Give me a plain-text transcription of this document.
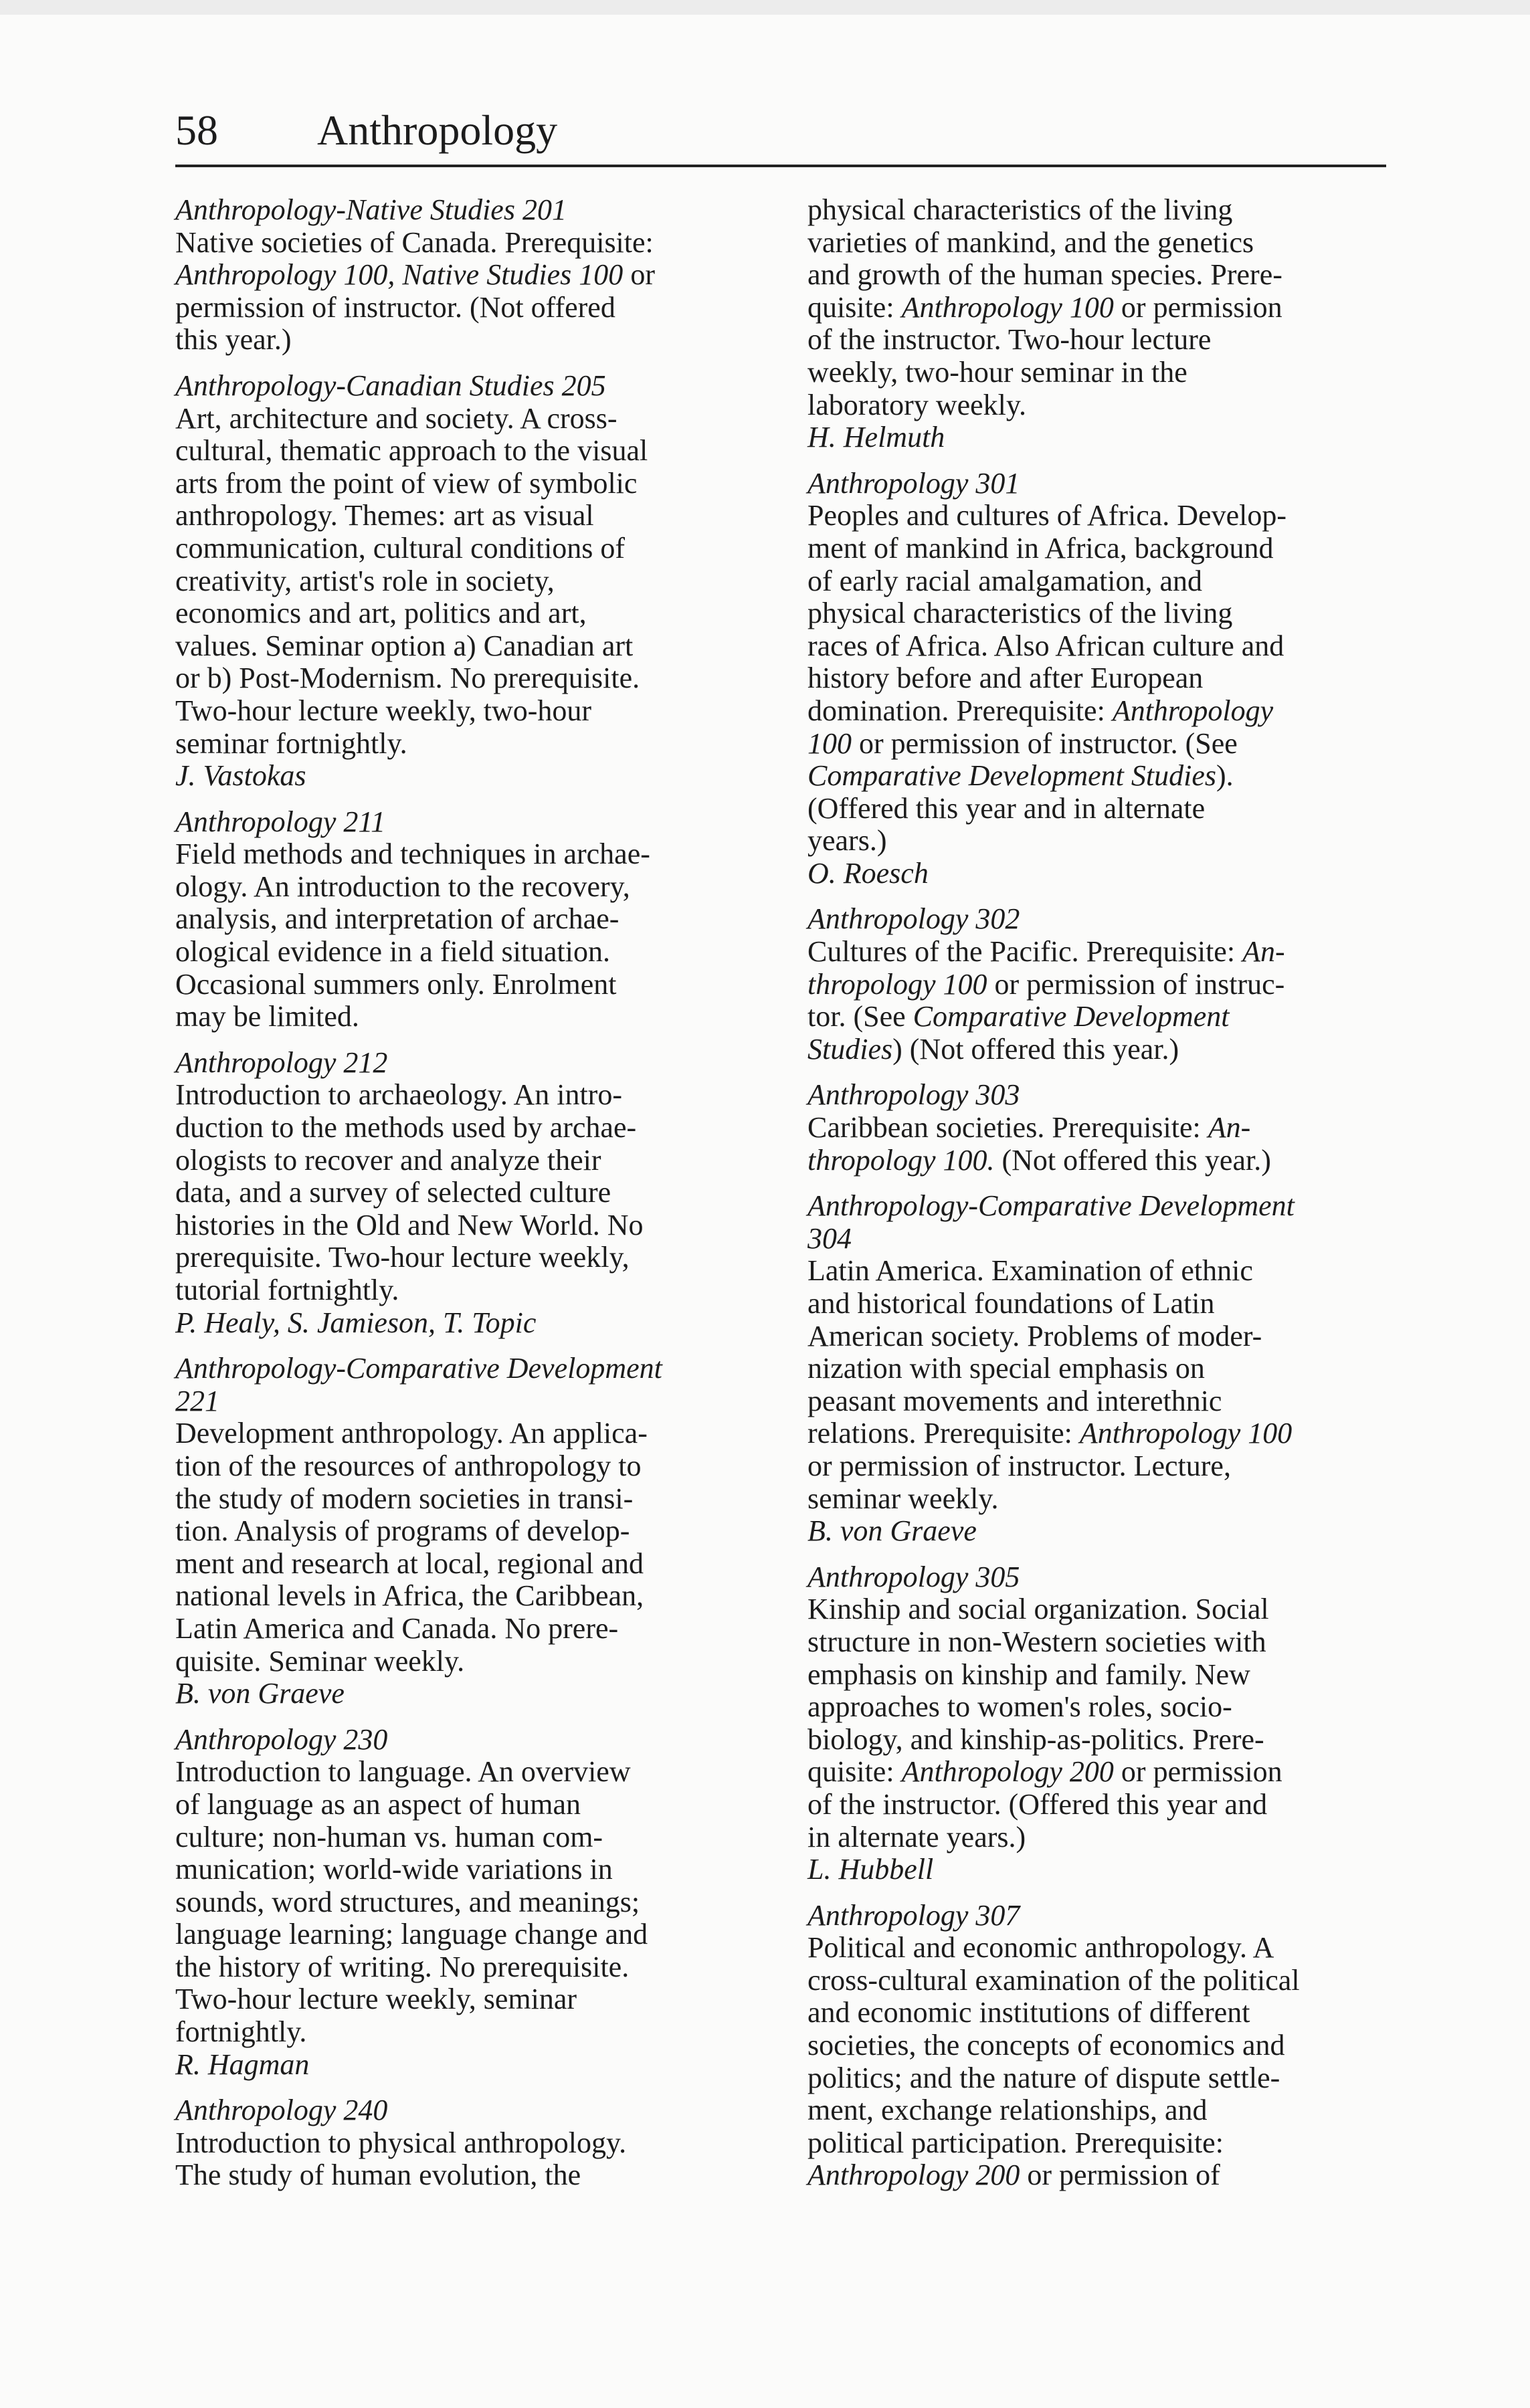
58 Anthropology
Anthropology-Native Studies 201
Native societies of Canada. Prerequisite:
Anthropology 100, Native Studies 100 or
permission of instructor. (Not offered
this year.)
Anthropology-Canadian Studies 205
Art, architecture and society. A cross-
cultural, thematic approach to the visual
arts from the point of view of symbolic
anthropology. Themes: art as visual
communication, cultural conditions of
creativity, artist's role in society,
economics and art, politics and art,
values. Seminar option a) Canadian art
or b) Post-Modernism. No prerequisite.
Two-hour lecture weekly, two-hour
seminar fortnightly.
J. Vastokas
Anthropology 211
Field methods and techniques in archae-
ology. An introduction to the recovery,
analysis, and interpretation of archae-
ological evidence in a field situation.
Occasional summers only. Enrolment
may be limited.
Anthropology 212
Introduction to archaeology. An intro-
duction to the methods used by archae-
ologists to recover and analyze their
data, and a survey of selected culture
histories in the Old and New World. No
prerequisite. Two-hour lecture weekly,
tutorial fortnightly.
P. Healy, S. Jamieson, T. Topic
Anthropology-Comparative Development
221
Development anthropology. An applica-
tion of the resources of anthropology to
the study of modern societies in transi-
tion. Analysis of programs of develop-
ment and research at local, regional and
national levels in Africa, the Caribbean,
Latin America and Canada. No prere-
quisite. Seminar weekly.
B. von Graeve
Anthropology 230
Introduction to language. An overview
of language as an aspect of human
culture; non-human vs. human com-
munication; world-wide variations in
sounds, word structures, and meanings;
language learning; language change and
the history of writing. No prerequisite.
Two-hour lecture weekly, seminar
fortnightly.
R. Hagman
Anthropology 240
Introduction to physical anthropology.
The study of human evolution, the
physical characteristics of the living
varieties of mankind, and the genetics
and growth of the human species. Prere-
quisite: Anthropology 100 or permission
of the instructor. Two-hour lecture
weekly, two-hour seminar in the
laboratory weekly.
H. Helmuth
Anthropology 301
Peoples and cultures of Africa. Develop-
ment of mankind in Africa, background
of early racial amalgamation, and
physical characteristics of the living
races of Africa. Also African culture and
history before and after European
domination. Prerequisite: Anthropology
100 or permission of instructor. (See
Comparative Development Studies).
(Offered this year and in alternate
years.)
O. Roesch
Anthropology 302
Cultures of the Pacific. Prerequisite: An-
thropology 100 or permission of instruc-
tor. (See Comparative Development
Studies) (Not offered this year.)
Anthropology 303
Caribbean societies. Prerequisite: An-
thropology 100. (Not offered this year.)
Anthropology-Comparative Development
304
Latin America. Examination of ethnic
and historical foundations of Latin
American society. Problems of moder-
nization with special emphasis on
peasant movements and interethnic
relations. Prerequisite: Anthropology 100
or permission of instructor. Lecture,
seminar weekly.
B. von Graeve
Anthropology 305
Kinship and social organization. Social
structure in non-Western societies with
emphasis on kinship and family. New
approaches to women's roles, socio-
biology, and kinship-as-politics. Prere-
quisite: Anthropology 200 or permission
of the instructor. (Offered this year and
in alternate years.)
L. Hubbell
Anthropology 307
Political and economic anthropology. A
cross-cultural examination of the political
and economic institutions of different
societies, the concepts of economics and
politics; and the nature of dispute settle-
ment, exchange relationships, and
political participation. Prerequisite:
Anthropology 200 or permission of
